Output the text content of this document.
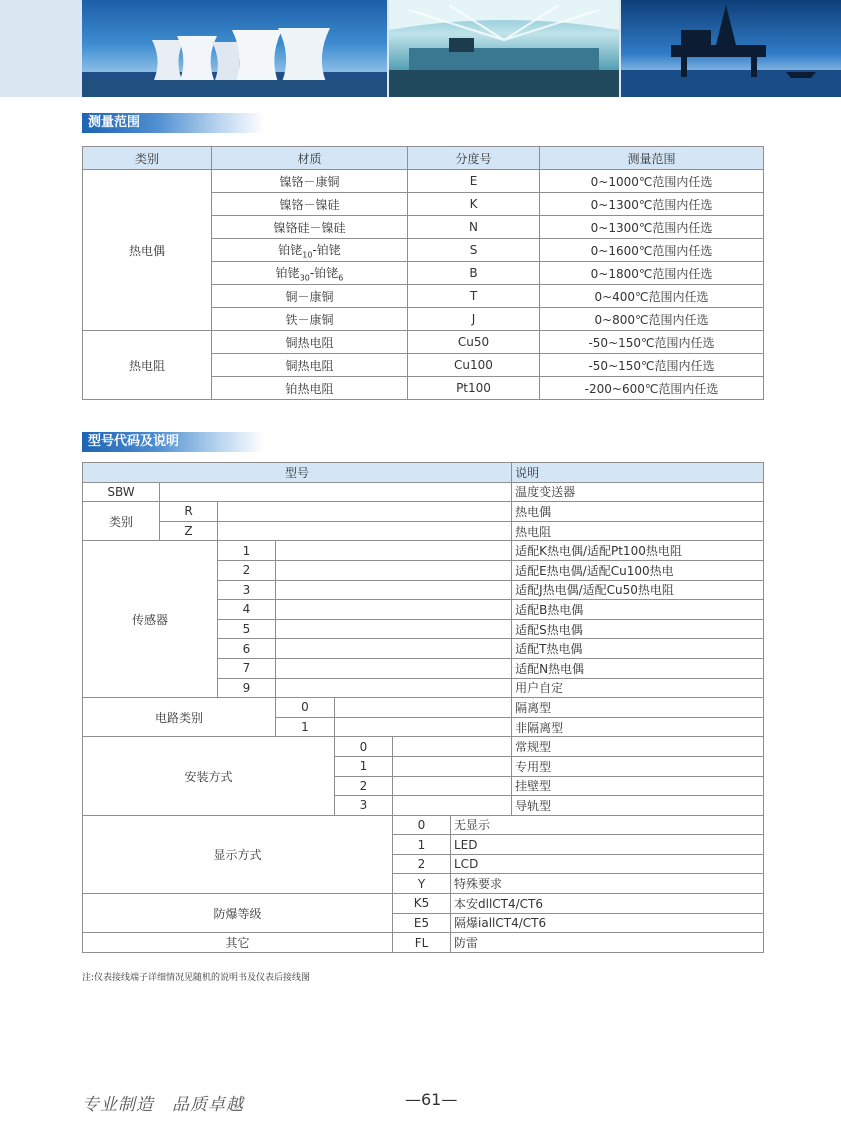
测量范围
类别	材质	分度号	测量范围
热电偶	镍铬－康铜	E	0~1000℃范围内任选
	镍铬－镍硅	K	0~1300℃范围内任选
	镍铬硅－镍硅	N	0~1300℃范围内任选
	铂铑$_{10}$-铂铑	S	0~1600℃范围内任选
	铂铑$_{30}$-铂铑$_6$	B	0~1800℃范围内任选
	铜－康铜	T	0~400℃范围内任选
	铁－康铜	J	0~800℃范围内任选
热电阻	铜热电阻	Cu50	-50~150℃范围内任选
	铜热电阻	Cu100	-50~150℃范围内任选
	铂热电阻	Pt100	-200~600℃范围内任选
型号代码及说明
型号							说明
SBW							温度变送器
类别	R						热电偶
	Z						热电阻
传感器		1					适配K热电偶/适配Pt100热电阻
		2					适配E热电偶/适配Cu100热电
		3					适配J热电偶/适配Cu50热电阻
		4					适配B热电偶
		5					适配S热电偶
		6					适配T热电偶
		7					适配N热电偶
		9					用户自定
电路类别			0				隔离型
			1				非隔离型
安装方式				0			常规型
				1			专用型
				2			挂壁型
				3			导轨型
显示方式					0	无显示	
					1	LED	
					2	LCD	
					Y	特殊要求	
防爆等级					K5	本安dllCT4/CT6	
					E5	隔爆iallCT4/CT6	
其它					FL	防雷	
注:仪表接线端子详细情况见随机的说明书及仪表后接线图
专业制造　品质卓越	—61—
